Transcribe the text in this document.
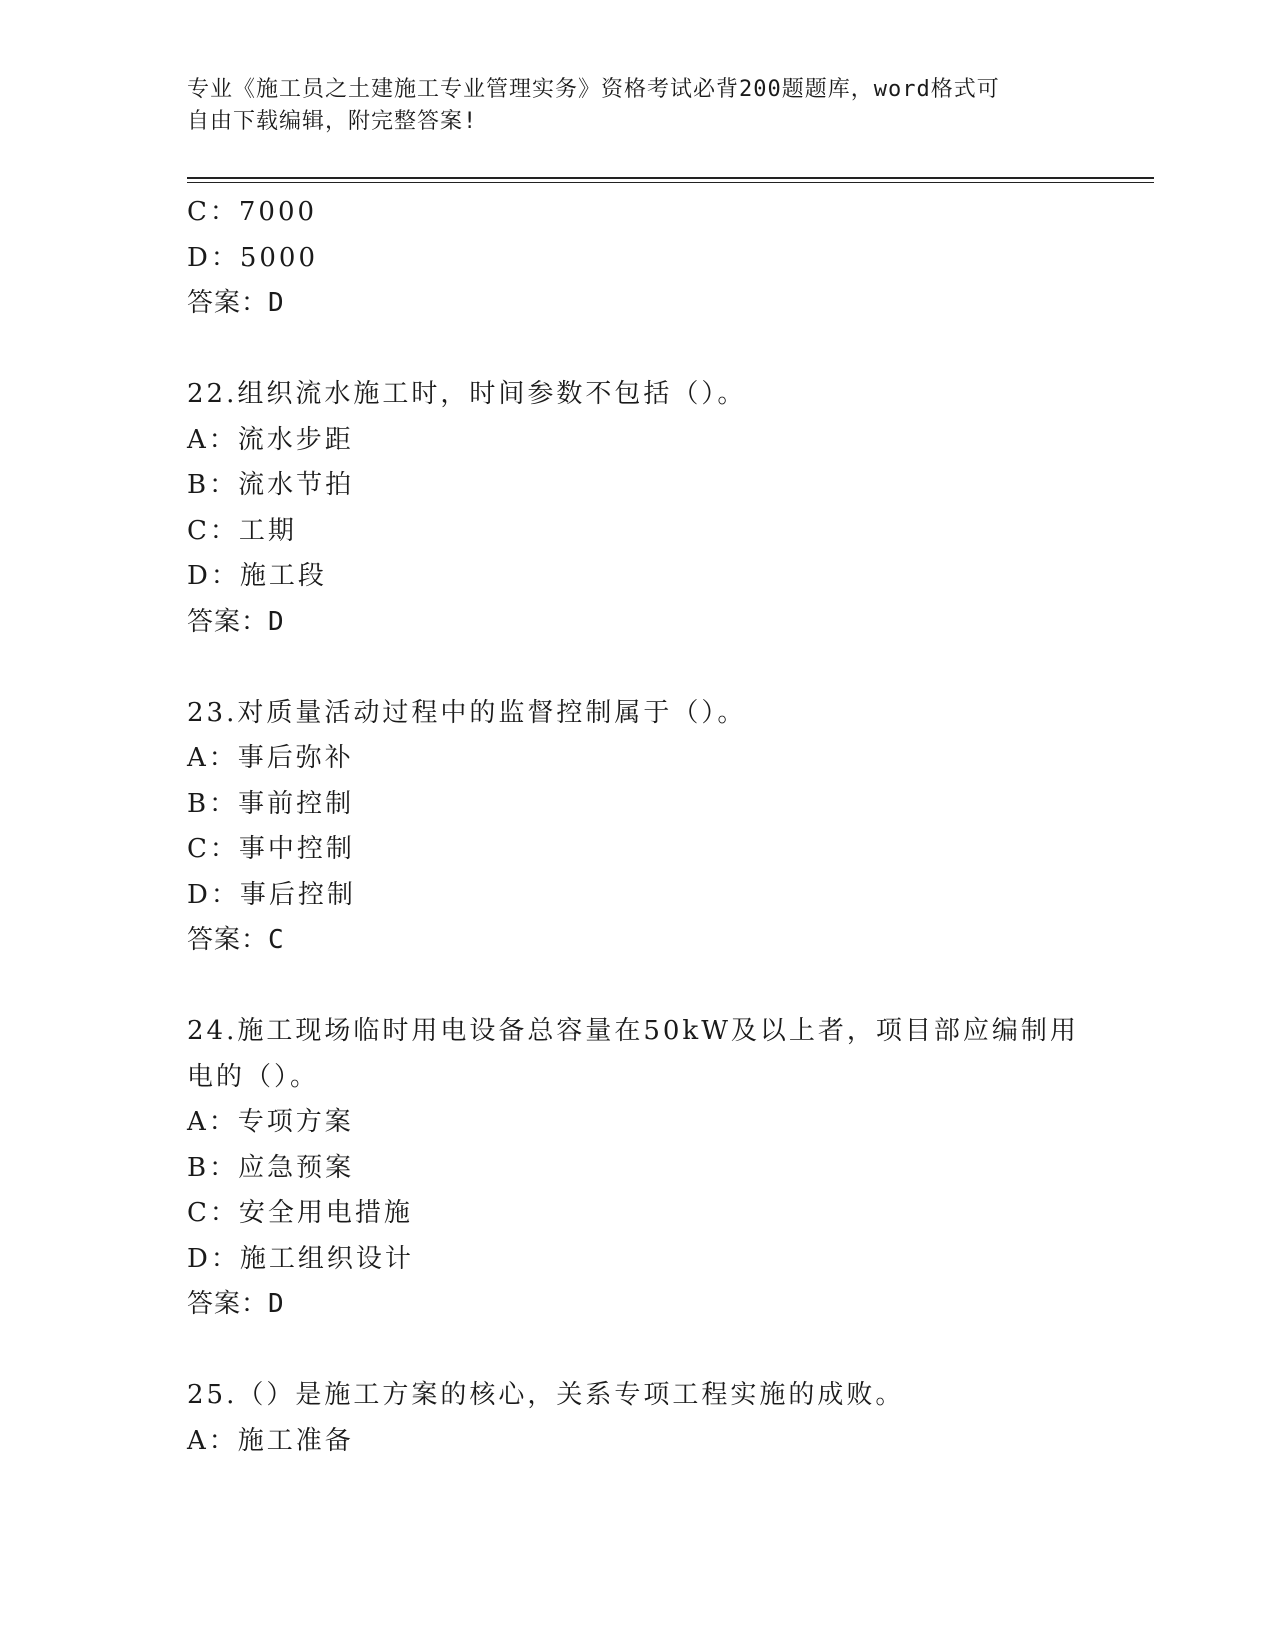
专业《施工员之土建施工专业管理实务》资格考试必背200题题库，word格式可
自由下载编辑，附完整答案!
C：7000
D：5000
答案：D
22.组织流水施工时，时间参数不包括（）。
A：流水步距
B：流水节拍
C：工期
D：施工段
答案：D
23.对质量活动过程中的监督控制属于（）。
A：事后弥补
B：事前控制
C：事中控制
D：事后控制
答案：C
24.施工现场临时用电设备总容量在50kW及以上者，项目部应编制用
电的（）。
A：专项方案
B：应急预案
C：安全用电措施
D：施工组织设计
答案：D
25.（）是施工方案的核心，关系专项工程实施的成败。
A：施工准备
